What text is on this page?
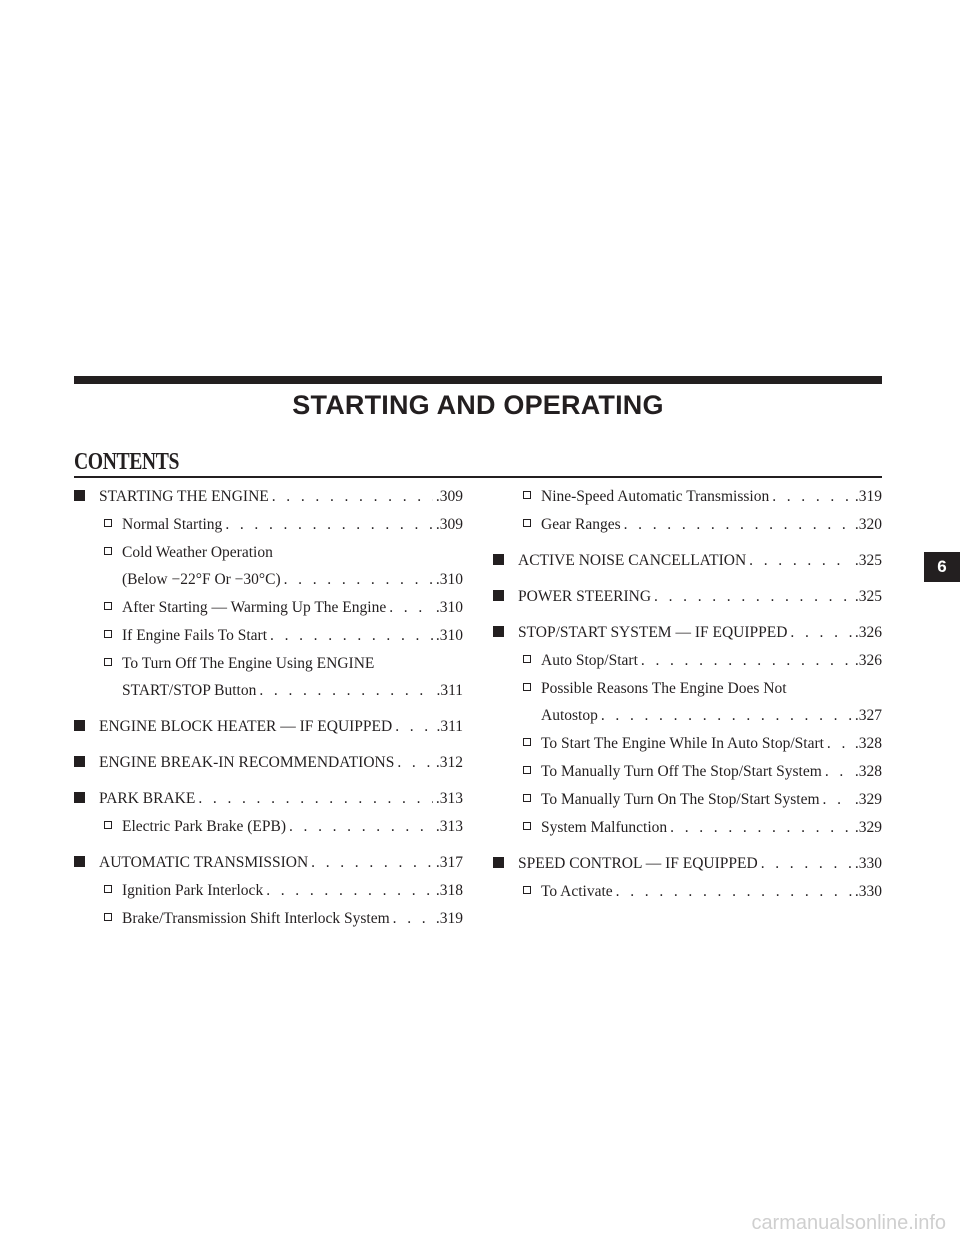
STARTING AND OPERATING
CONTENTS
STARTING THE ENGINE . . .	.309
Normal Starting . . .	.309
Cold Weather Operation
(Below −22°F Or −30°C) . . .	.310
After Starting — Warming Up The Engine . . .	.310
If Engine Fails To Start . . .	.310
To Turn Off The Engine Using ENGINE
START/STOP Button . . .	.311
ENGINE BLOCK HEATER — IF EQUIPPED . . .	.311
ENGINE BREAK-IN RECOMMENDATIONS . . .	.312
PARK BRAKE . . .	.313
Electric Park Brake (EPB) . . .	.313
AUTOMATIC TRANSMISSION . . .	.317
Ignition Park Interlock . . .	.318
Brake/Transmission Shift Interlock System . . .	.319
Nine-Speed Automatic Transmission . . .	.319
Gear Ranges . . .	.320
ACTIVE NOISE CANCELLATION . . .	.325
POWER STEERING . . .	.325
STOP/START SYSTEM — IF EQUIPPED . . .	.326
Auto Stop/Start . . .	.326
Possible Reasons The Engine Does Not
Autostop . . .	.327
To Start The Engine While In Auto Stop/Start . . . .328
To Manually Turn Off The Stop/Start System . . . .328
To Manually Turn On The Stop/Start System . . . .329
System Malfunction . . .	.329
SPEED CONTROL — IF EQUIPPED . . .	.330
To Activate . . .	.330
6
carmanualsonline.info
